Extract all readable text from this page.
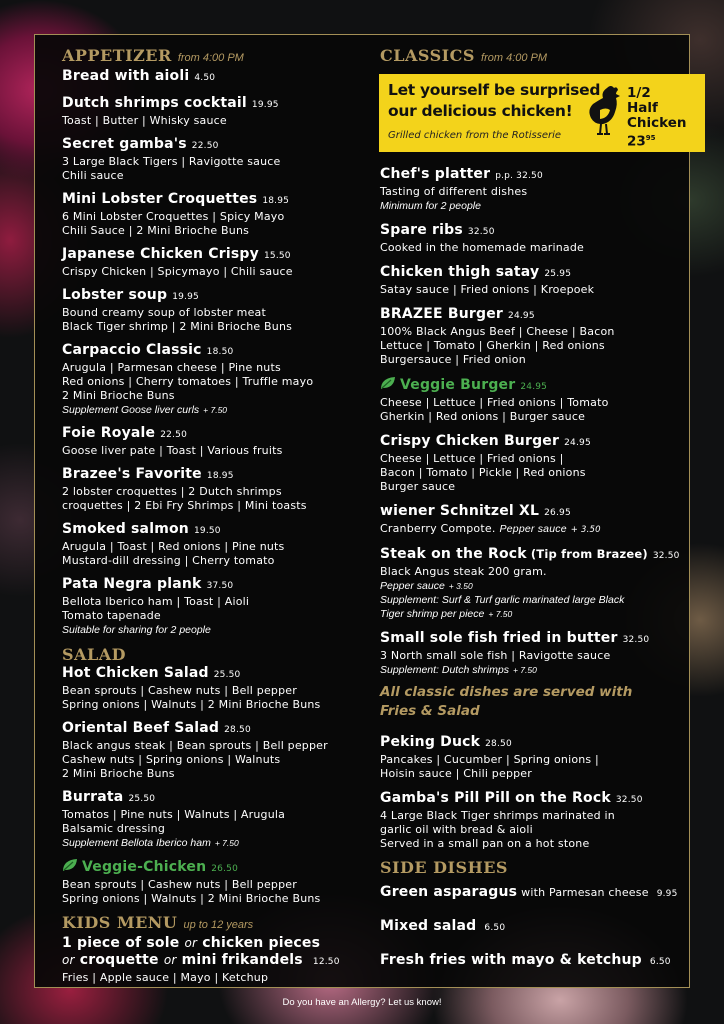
APPETIZER from 4:00 PM
Bread with aioli 4.50
Dutch shrimps cocktail 19.95
Toast | Butter | Whisky sauce
Secret gamba's 22.50
3 Large Black Tigers | Ravigotte sauce
Chili sauce
Mini Lobster Croquettes 18.95
6 Mini Lobster Croquettes | Spicy Mayo
Chili Sauce | 2 Mini Brioche Buns
Japanese Chicken Crispy 15.50
Crispy Chicken | Spicymayo | Chili sauce
Lobster soup 19.95
Bound creamy soup of lobster meat
Black Tiger shrimp | 2 Mini Brioche Buns
Carpaccio Classic 18.50
Arugula | Parmesan cheese | Pine nuts
Red onions | Cherry tomatoes | Truffle mayo
2 Mini Brioche Buns
Supplement Goose liver curls + 7.50
Foie Royale 22.50
Goose liver pate | Toast | Various fruits
Brazee's Favorite 18.95
2 lobster croquettes | 2 Dutch shrimps
croquettes | 2 Ebi Fry Shrimps | Mini toasts
Smoked salmon 19.50
Arugula | Toast | Red onions | Pine nuts
Mustard-dill dressing | Cherry tomato
Pata Negra plank 37.50
Bellota Iberico ham | Toast | Aioli
Tomato tapenade
Suitable for sharing for 2 people
SALAD
Hot Chicken Salad 25.50
Bean sprouts | Cashew nuts | Bell pepper
Spring onions | Walnuts | 2 Mini Brioche Buns
Oriental Beef Salad 28.50
Black angus steak | Bean sprouts | Bell pepper
Cashew nuts | Spring onions | Walnuts
2 Mini Brioche Buns
Burrata 25.50
Tomatos | Pine nuts | Walnuts | Arugula
Balsamic dressing
Supplement Bellota Iberico ham + 7.50
Veggie-Chicken 26.50
Bean sprouts | Cashew nuts | Bell pepper
Spring onions | Walnuts | 2 Mini Brioche Buns
KIDS MENU up to 12 years
1 piece of sole or chicken pieces
or croquette or mini frikandels 12.50
Fries | Apple sauce | Mayo | Ketchup
CLASSICS from 4:00 PM
Let yourself be surprised
our delicious chicken!
Grilled chicken from the Rotisserie
1/2
Half Chicken
$23^{95}$
Chef's platter p.p. 32.50
Tasting of different dishes
Minimum for 2 people
Spare ribs 32.50
Cooked in the homemade marinade
Chicken thigh satay 25.95
Satay sauce | Fried onions | Kroepoek
BRAZEE Burger 24.95
100% Black Angus Beef | Cheese | Bacon
Lettuce | Tomato | Gherkin | Red onions
Burgersauce | Fried onion
Veggie Burger 24.95
Cheese | Lettuce | Fried onions | Tomato
Gherkin | Red onions | Burger sauce
Crispy Chicken Burger 24.95
Cheese | Lettuce | Fried onions |
Bacon | Tomato | Pickle | Red onions
Burger sauce
wiener Schnitzel XL 26.95
Cranberry Compote. Pepper sauce + 3.50
Steak on the Rock (Tip from Brazee) 32.50
Black Angus steak 200 gram.
Pepper sauce + 3.50
Supplement: Surf & Turf garlic marinated large Black
Tiger shrimp per piece + 7.50
Small sole fish fried in butter 32.50
3 North small sole fish | Ravigotte sauce
Supplement: Dutch shrimps + 7.50
All classic dishes are served with
Fries & Salad
Peking Duck 28.50
Pancakes | Cucumber | Spring onions |
Hoisin sauce | Chili pepper
Gamba's Pill Pill on the Rock 32.50
4 Large Black Tiger shrimps marinated in
garlic oil with bread & aioli
Served in a small pan on a hot stone
SIDE DISHES
Green asparagus with Parmesan cheese 9.95
Mixed salad 6.50
Fresh fries with mayo & ketchup 6.50
Do you have an Allergy? Let us know!
